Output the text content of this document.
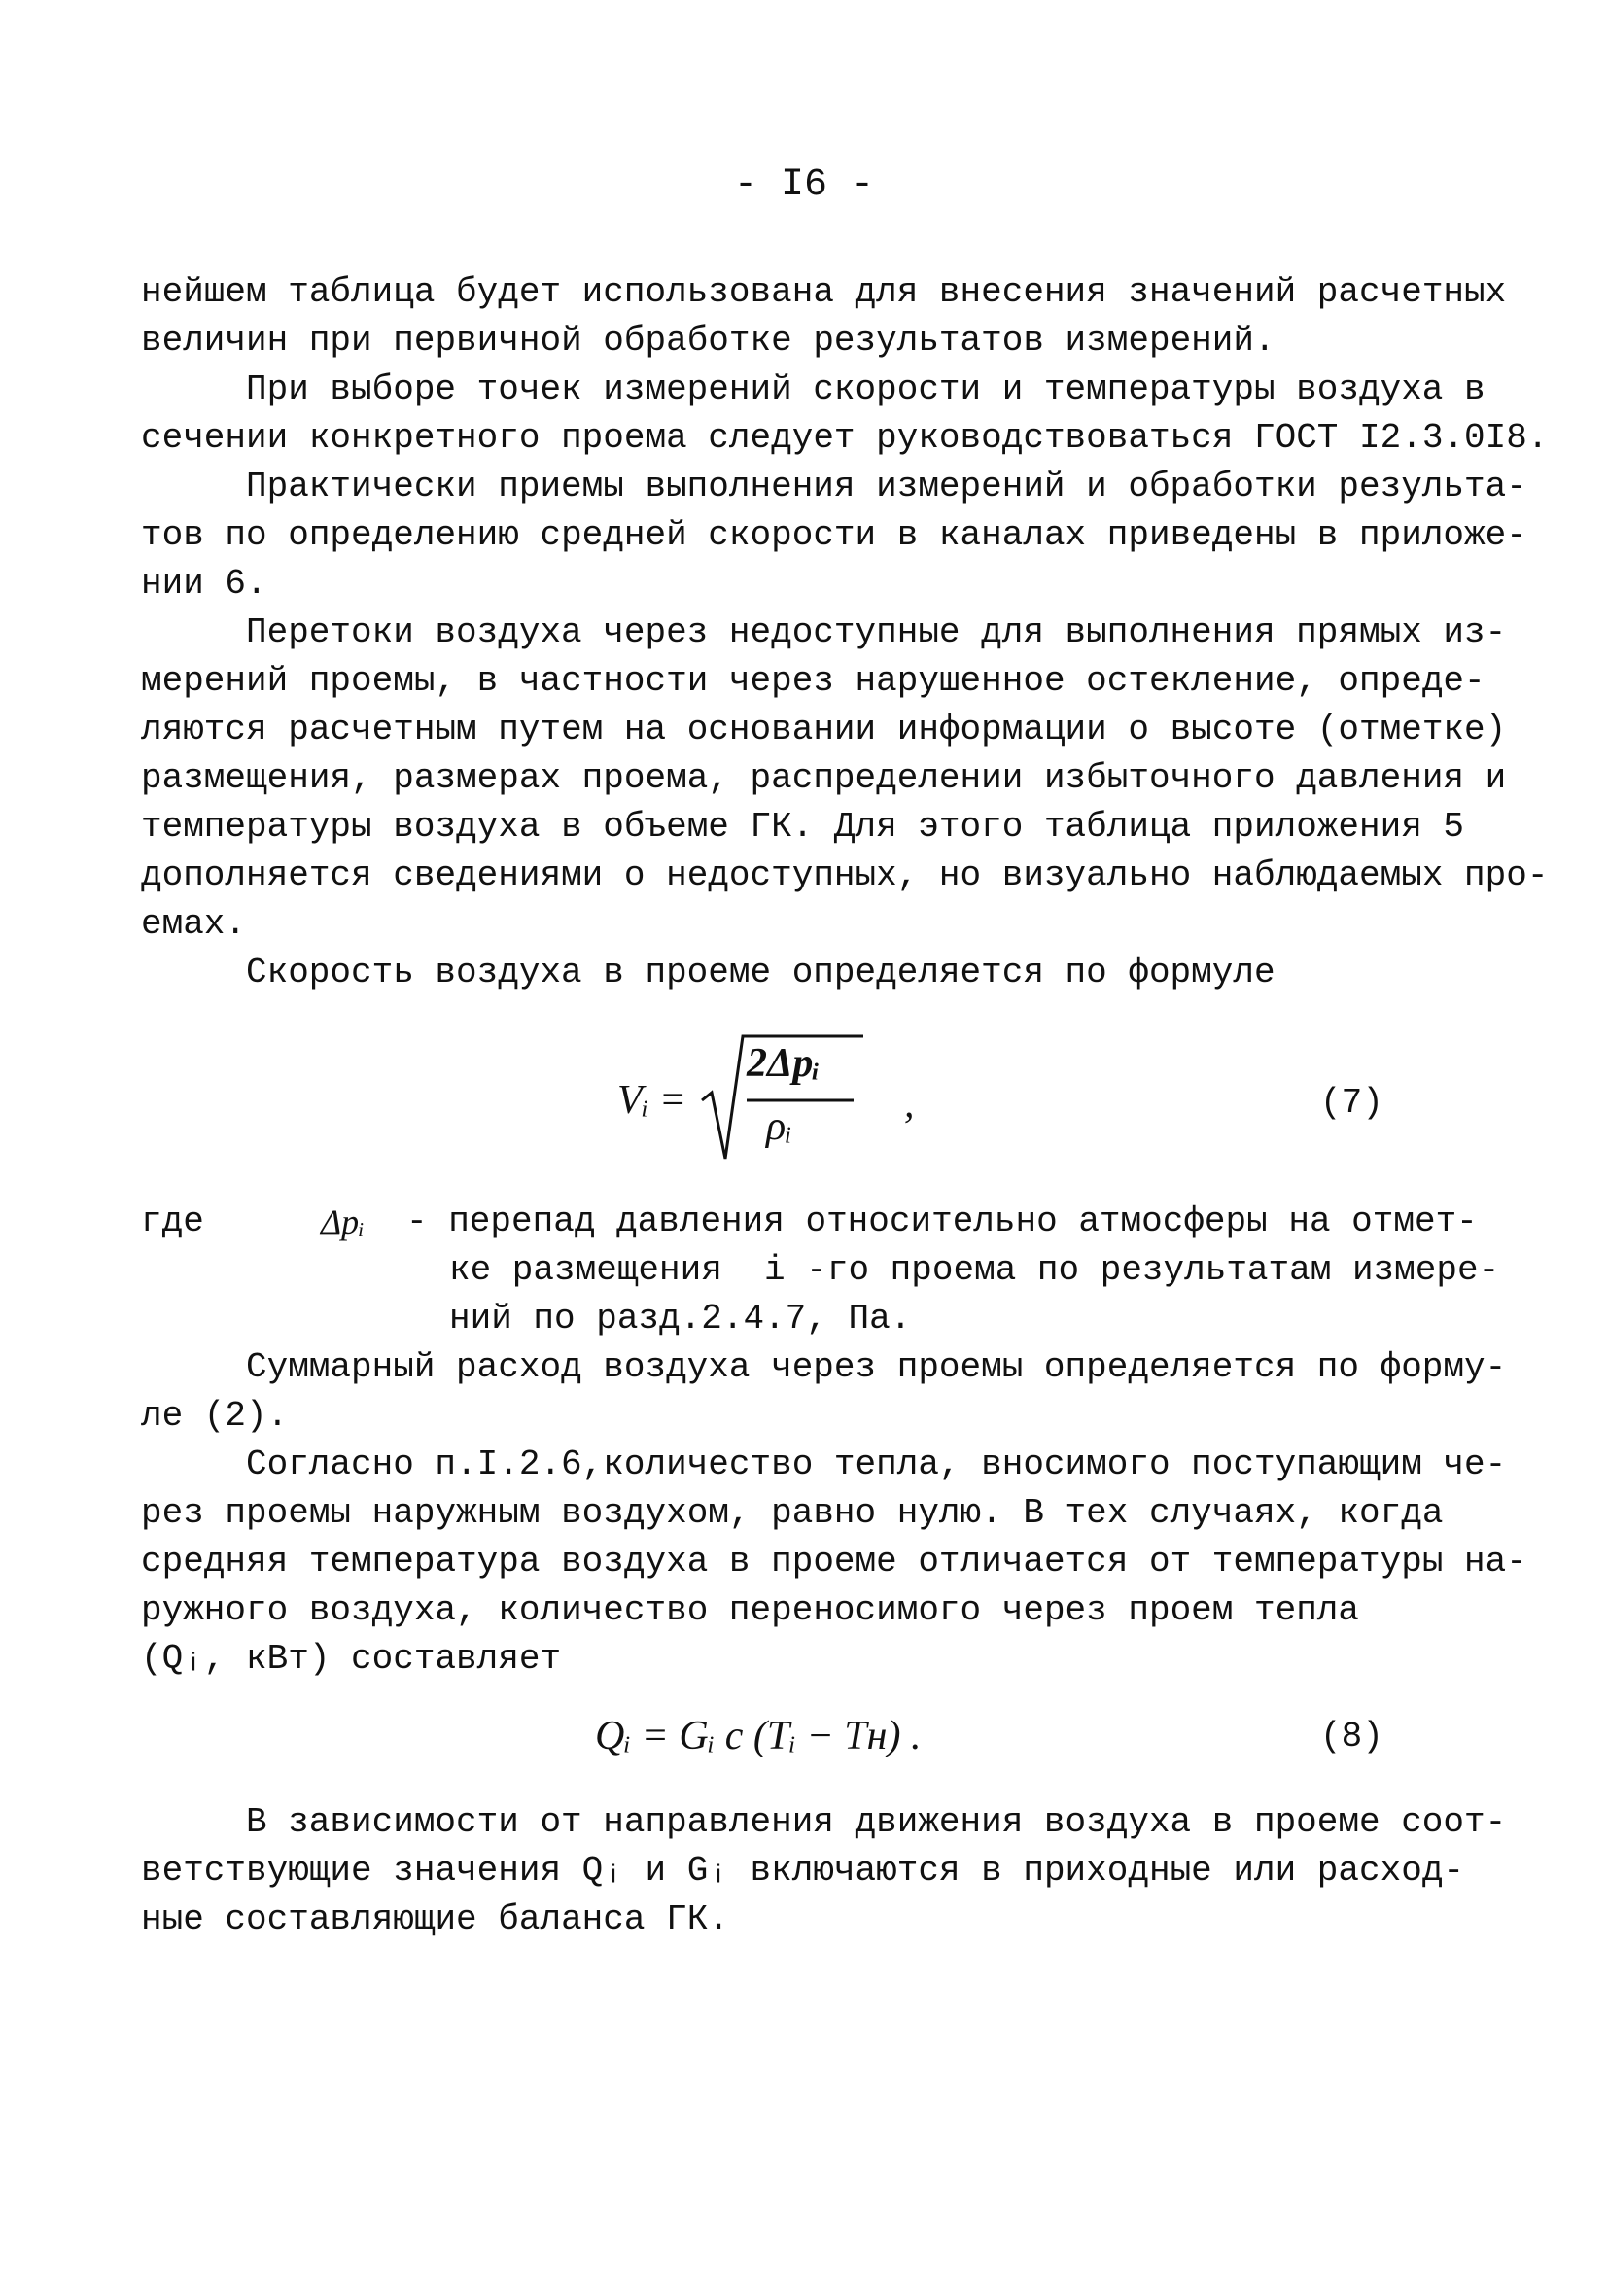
- I6 -
нейшем таблица будет использована для внесения значений расчетных
величин при первичной обработке результатов измерений.
При выборе точек измерений скорости и температуры воздуха в
сечении конкретного проема следует руководствоваться ГОСТ I2.3.0I8.
Практически приемы выполнения измерений и обработки результа-
тов по определению средней скорости в каналах приведены в приложе-
нии 6.
Перетоки воздуха через недоступные для выполнения прямых из-
мерений проемы, в частности через нарушенное остекление, опреде-
ляются расчетным путем на основании информации о высоте (отметке)
размещения, размерах проема, распределении избыточного давления и
температуры воздуха в объеме ГК. Для этого таблица приложения 5
дополняется сведениями о недоступных, но визуально наблюдаемых про-
емах.
Скорость воздуха в проеме определяется по формуле
Vᵢ =
2Δpᵢ
ρᵢ	,	(7)
где	Δpᵢ - перепад давления относительно атмосферы на отмет-
ке размещения  i -го проема по результатам измере-
ний по разд.2.4.7, Па.
Суммарный расход воздуха через проемы определяется по форму-
ле (2).
Согласно п.I.2.6,количество тепла, вносимого поступающим че-
рез проемы наружным воздухом, равно нулю. В тех случаях, когда
средняя температура воздуха в проеме отличается от температуры на-
ружного воздуха, количество переносимого через проем тепла
(Qᵢ, кВт) составляет
Qᵢ = Gᵢ c (Tᵢ − Tн) .	(8)
В зависимости от направления движения воздуха в проеме соот-
ветствующие значения Qᵢ и Gᵢ включаются в приходные или расход-
ные составляющие баланса ГК.
